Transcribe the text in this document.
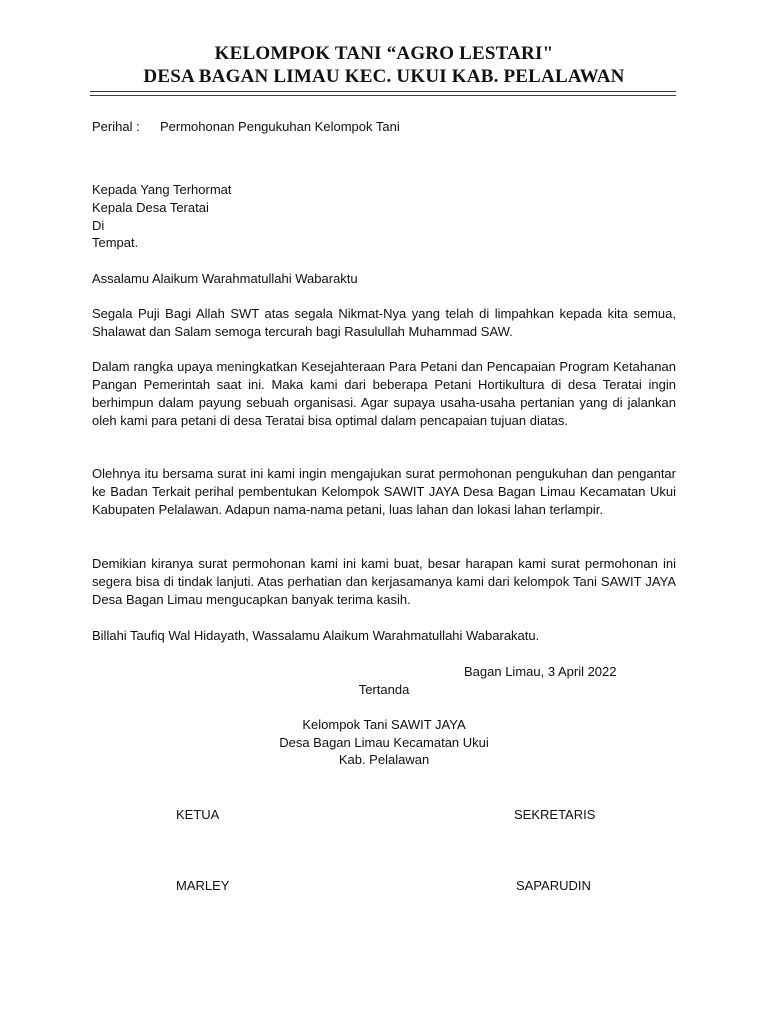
KELOMPOK TANI “AGRO LESTARI"
DESA BAGAN LIMAU KEC. UKUI KAB. PELALAWAN
Perihal : Permohonan Pengukuhan Kelompok Tani
Kepada Yang Terhormat
Kepala Desa Teratai
Di
Tempat.
Assalamu Alaikum Warahmatullahi Wabaraktu
Segala Puji Bagi Allah SWT atas segala Nikmat-Nya yang telah di limpahkan kepada kita semua, Shalawat dan Salam semoga tercurah bagi Rasulullah Muhammad SAW.
Dalam rangka upaya meningkatkan Kesejahteraan Para Petani dan Pencapaian Program Ketahanan Pangan Pemerintah saat ini. Maka kami dari beberapa Petani Hortikultura di desa Teratai ingin berhimpun dalam payung sebuah organisasi. Agar supaya usaha-usaha pertanian yang di jalankan oleh kami para petani di desa Teratai bisa optimal dalam pencapaian tujuan diatas.
Olehnya itu bersama surat ini kami ingin mengajukan surat permohonan pengukuhan dan pengantar ke Badan Terkait perihal pembentukan Kelompok SAWIT JAYA Desa Bagan Limau Kecamatan Ukui Kabupaten Pelalawan. Adapun nama-nama petani, luas lahan dan lokasi lahan terlampir.
Demikian kiranya surat permohonan kami ini kami buat, besar harapan kami surat permohonan ini segera bisa di tindak lanjuti. Atas perhatian dan kerjasamanya kami dari kelompok Tani SAWIT JAYA Desa Bagan Limau mengucapkan banyak terima kasih.
Billahi Taufiq Wal Hidayath, Wassalamu Alaikum Warahmatullahi Wabarakatu.
Bagan Limau, 3 April 2022
Tertanda
Kelompok Tani SAWIT JAYA
Desa Bagan Limau Kecamatan Ukui
Kab. Pelalawan
KETUA	SEKRETARIS
MARLEY	SAPARUDIN
